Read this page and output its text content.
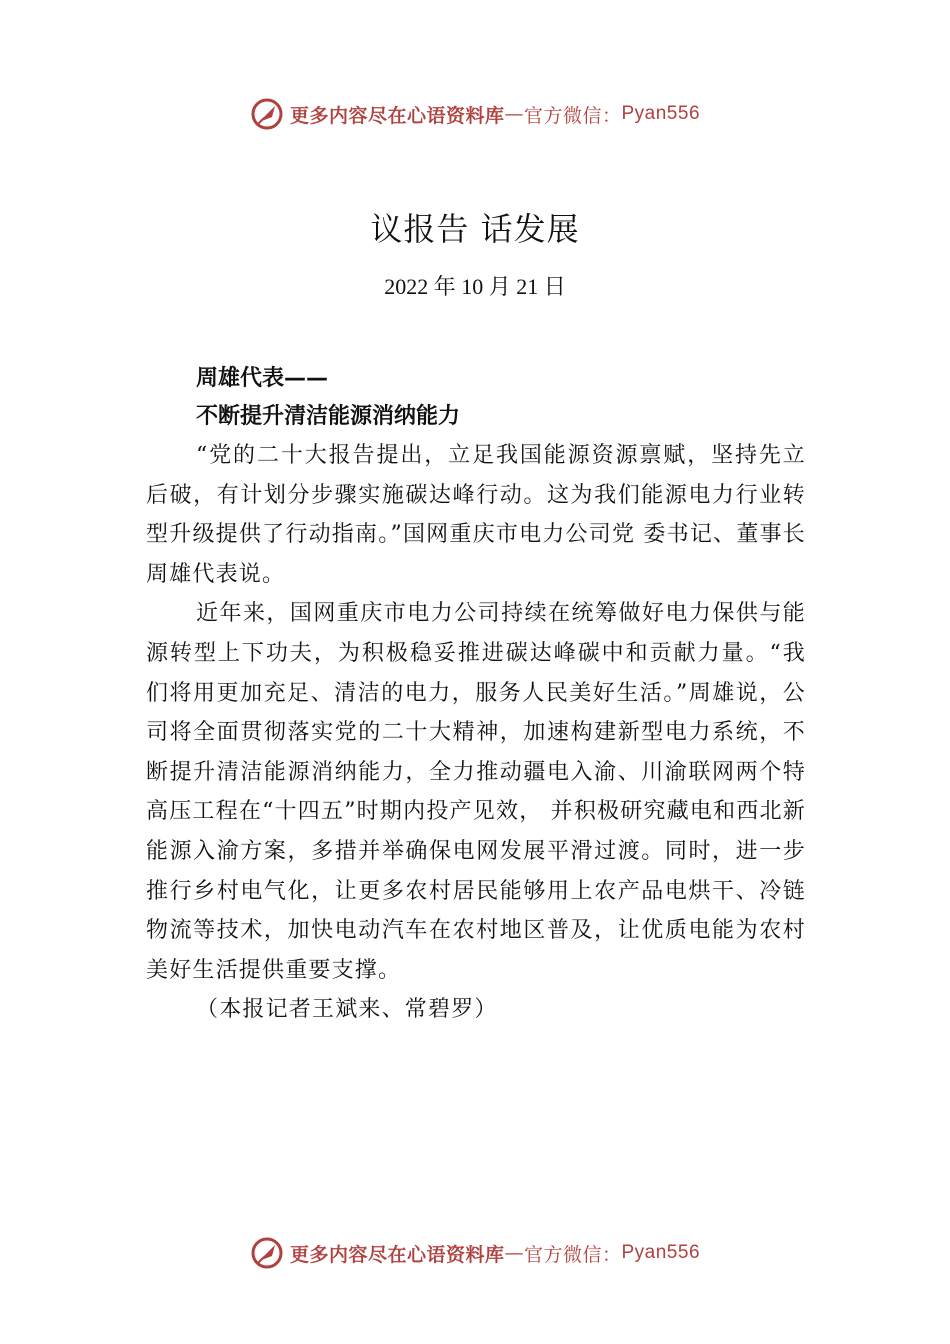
更多内容尽在心语资料库 — 官方微信： Pyan556
议报告 话发展
2022 年 10 月 21 日
周雄代表——
不断提升清洁能源消纳能力

“党的二十大报告提出，立足我国能源资源禀赋，坚持先立后破，有计划分步骤实施碳达峰行动。这为我们能源电力行业转型升级提供了行动指南。”国网重庆市电力公司党 委书记、董事长周雄代表说。

近年来，国网重庆市电力公司持续在统筹做好电力保供与能源转型上下功夫，为积极稳妥推进碳达峰碳中和贡献力量。“我们将用更加充足、清洁的电力，服务人民美好生活。”周雄说，公司将全面贯彻落实党的二十大精神，加速构建新型电力系统，不断提升清洁能源消纳能力，全力推动疆电入渝、川渝联网两个特高压工程在“十四五”时期内投产见效， 并积极研究藏电和西北新能源入渝方案，多措并举确保电网发展平滑过渡。同时，进一步推行乡村电气化，让更多农村居民能够用上农产品电烘干、冷链物流等技术，加快电动汽车在农村地区普及，让优质电能为农村美好生活提供重要支撑。

（本报记者王斌来、常碧罗）
更多内容尽在心语资料库 — 官方微信： Pyan556
